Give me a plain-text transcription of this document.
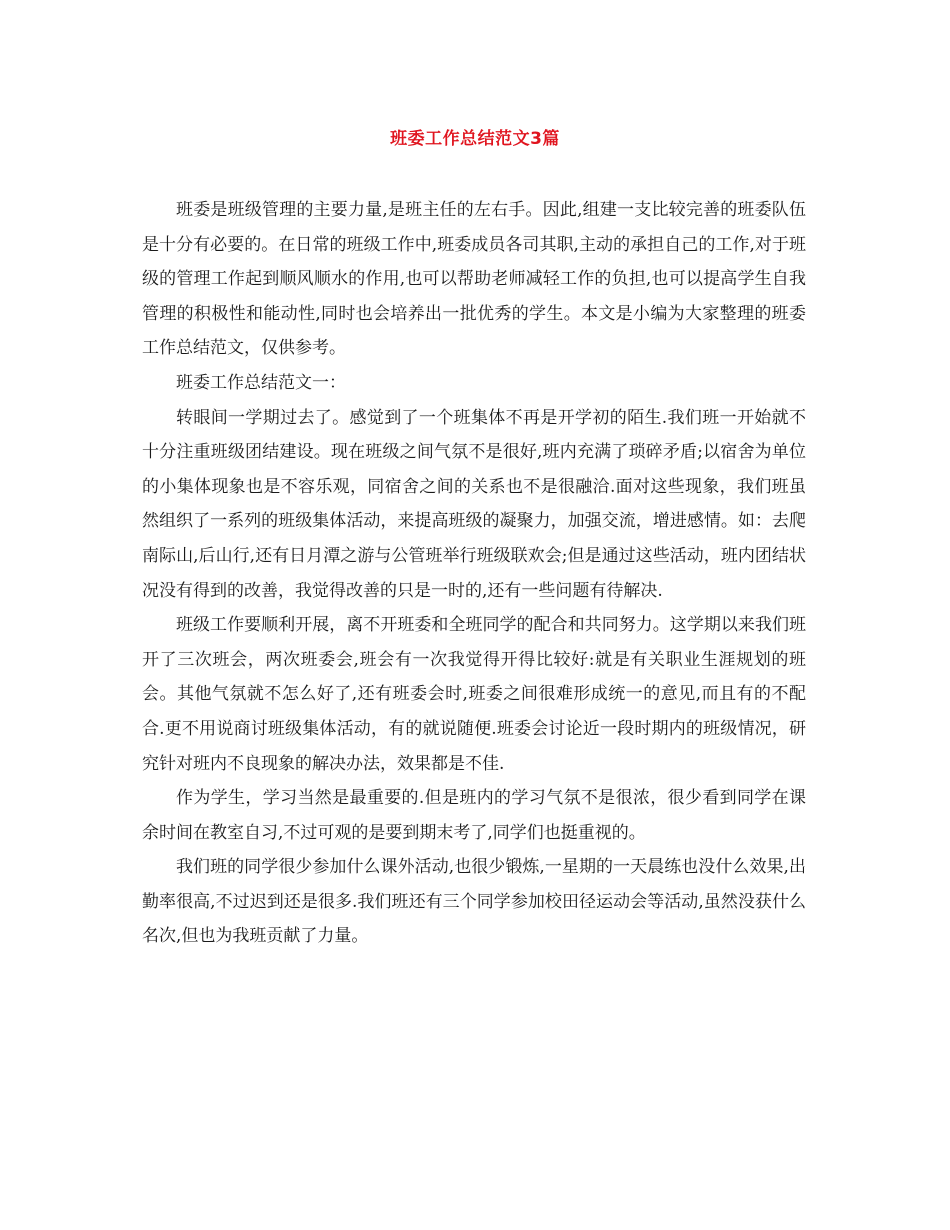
班委工作总结范文3篇

班委是班级管理的主要力量,是班主任的左右手。因此,组建一支比较完善的班委队伍是十分有必要的。在日常的班级工作中,班委成员各司其职,主动的承担自己的工作,对于班级的管理工作起到顺风顺水的作用,也可以帮助老师减轻工作的负担,也可以提高学生自我管理的积极性和能动性,同时也会培养出一批优秀的学生。本文是小编为大家整理的班委工作总结范文，仅供参考。

班委工作总结范文一：

转眼间一学期过去了。感觉到了一个班集体不再是开学初的陌生.我们班一开始就不十分注重班级团结建设。现在班级之间气氛不是很好,班内充满了琐碎矛盾;以宿舍为单位的小集体现象也是不容乐观，同宿舍之间的关系也不是很融洽.面对这些现象，我们班虽然组织了一系列的班级集体活动，来提高班级的凝聚力，加强交流，增进感情。如：去爬南际山,后山行,还有日月潭之游与公管班举行班级联欢会;但是通过这些活动，班内团结状况没有得到的改善，我觉得改善的只是一时的,还有一些问题有待解决.

班级工作要顺利开展，离不开班委和全班同学的配合和共同努力。这学期以来我们班开了三次班会，两次班委会,班会有一次我觉得开得比较好:就是有关职业生涯规划的班会。其他气氛就不怎么好了,还有班委会时,班委之间很难形成统一的意见,而且有的不配合.更不用说商讨班级集体活动，有的就说随便.班委会讨论近一段时期内的班级情况，研究针对班内不良现象的解决办法，效果都是不佳.

作为学生，学习当然是最重要的.但是班内的学习气氛不是很浓，很少看到同学在课余时间在教室自习,不过可观的是要到期末考了,同学们也挺重视的。

我们班的同学很少参加什么课外活动,也很少锻炼,一星期的一天晨练也没什么效果,出勤率很高,不过迟到还是很多.我们班还有三个同学参加校田径运动会等活动,虽然没获什么名次,但也为我班贡献了力量。
